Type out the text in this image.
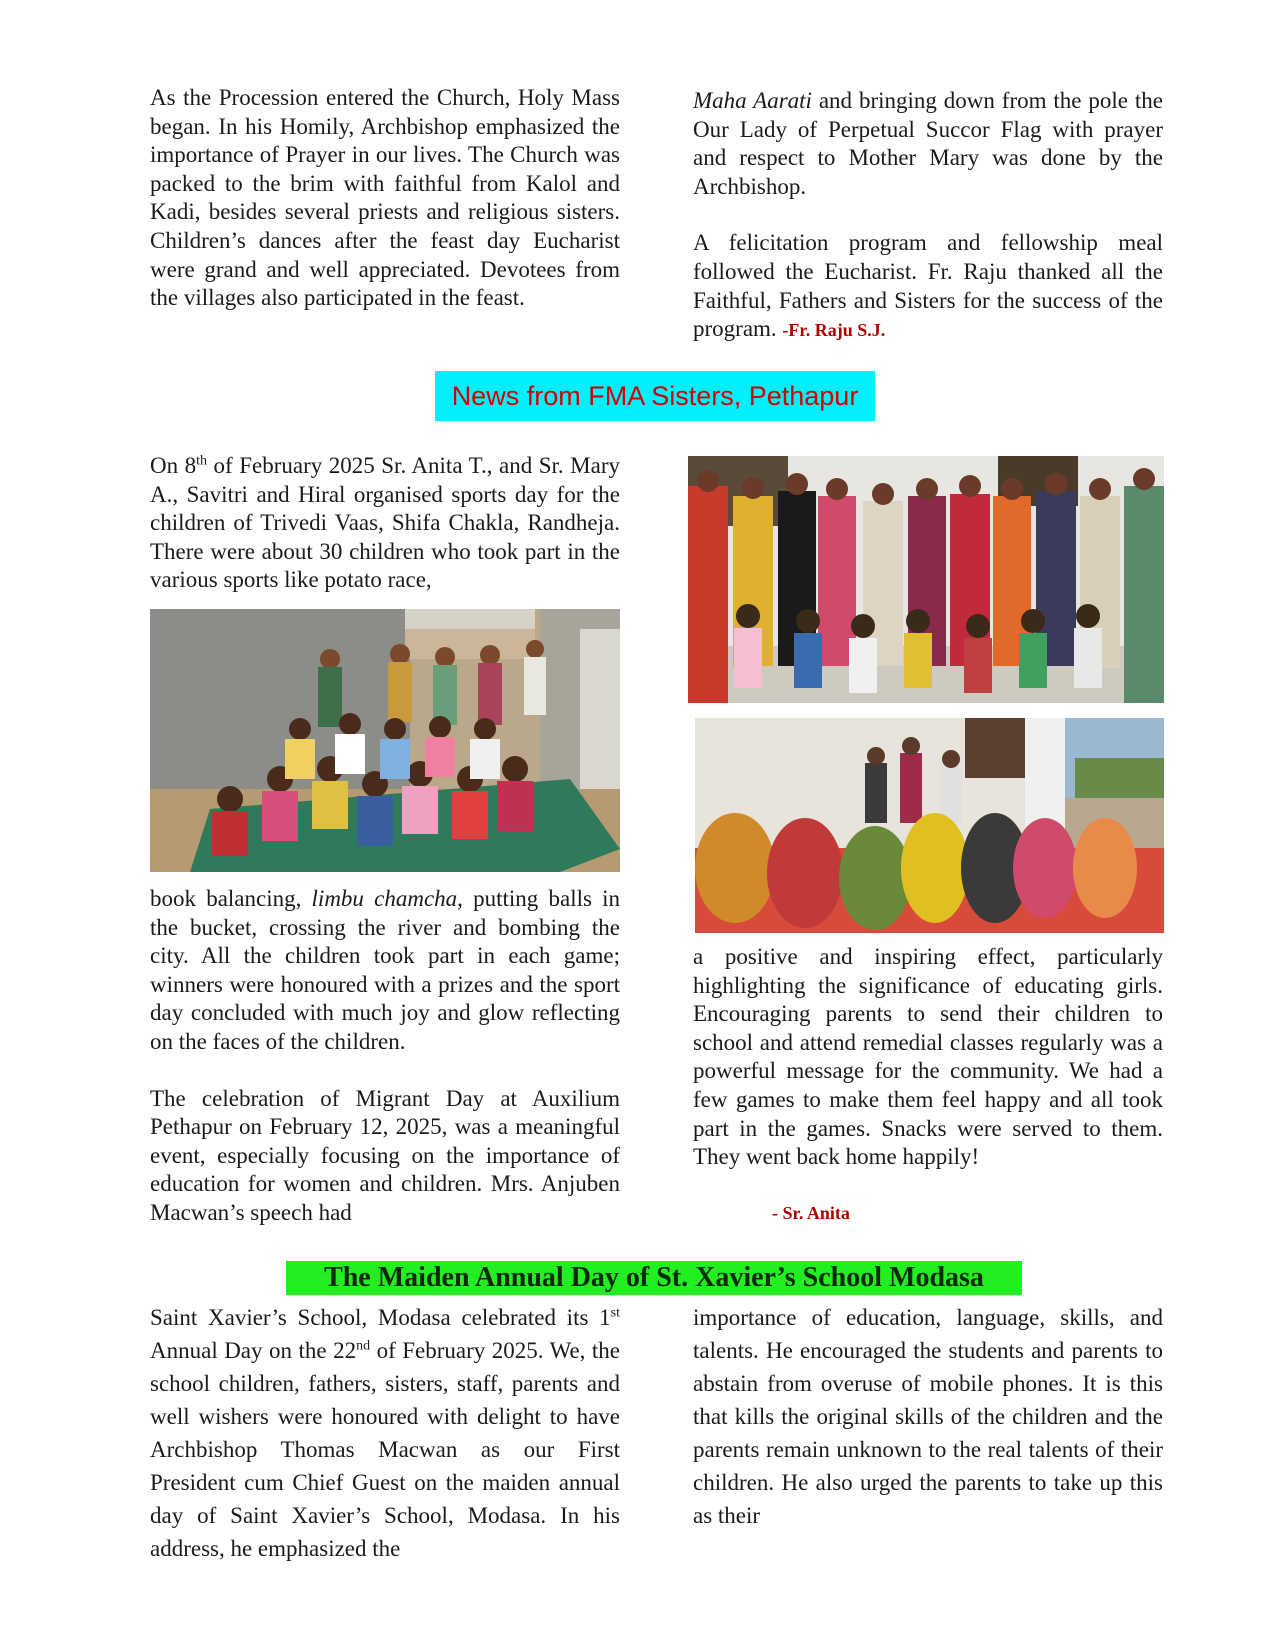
As the Procession entered the Church, Holy Mass began. In his Homily, Archbishop emphasized the importance of Prayer in our lives. The Church was packed to the brim with faithful from Kalol and Kadi, besides several priests and religious sisters. Children’s dances after the feast day Eucharist were grand and well appreciated. Devotees from the villages also participated in the feast.

Maha Aarati and bringing down from the pole the Our Lady of Perpetual Succor Flag with prayer and respect to Mother Mary was done by the Archbishop.

A felicitation program and fellowship meal followed the Eucharist. Fr. Raju thanked all the Faithful, Fathers and Sisters for the success of the program. -Fr. Raju S.J.

News from FMA Sisters, Pethapur

On 8th of February 2025 Sr. Anita T., and Sr. Mary A., Savitri and Hiral organised sports day for the children of Trivedi Vaas, Shifa Chakla, Randheja. There were about 30 children who took part in the various sports like potato race,

book balancing, limbu chamcha, putting balls in the bucket, crossing the river and bombing the city. All the children took part in each game; winners were honoured with a prizes and the sport day concluded with much joy and glow reflecting on the faces of the children.

The celebration of Migrant Day at Auxilium Pethapur on February 12, 2025, was a meaningful event, especially focusing on the importance of education for women and children. Mrs. Anjuben Macwan’s speech had

a positive and inspiring effect, particularly highlighting the significance of educating girls. Encouraging parents to send their children to school and attend remedial classes regularly was a powerful message for the community. We had a few games to make them feel happy and all took part in the games. Snacks were served to them. They went back home happily!

- Sr. Anita
The Maiden Annual Day of St. Xavier’s School Modasa

Saint Xavier’s School, Modasa celebrated its 1st Annual Day on the 22nd of February 2025. We, the school children, fathers, sisters, staff, parents and well wishers were honoured with delight to have Archbishop Thomas Macwan as our First President cum Chief Guest on the maiden annual day of Saint Xavier’s School, Modasa. In his address, he emphasized the

importance of education, language, skills, and talents. He encouraged the students and parents to abstain from overuse of mobile phones. It is this that kills the original skills of the children and the parents remain unknown to the real talents of their children. He also urged the parents to take up this as their
